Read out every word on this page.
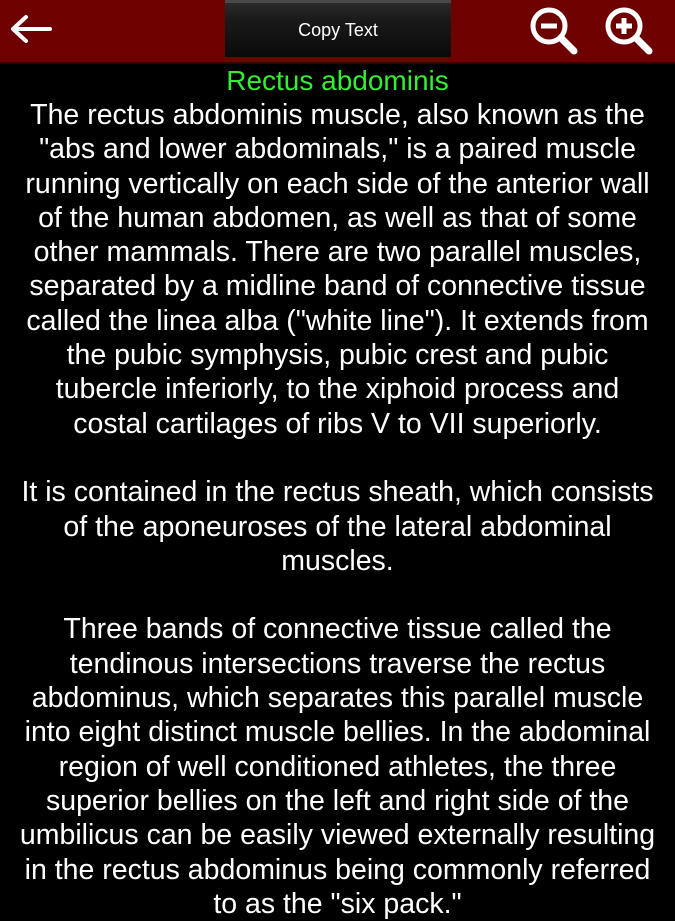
Copy Text

Rectus abdominis

The rectus abdominis muscle, also known as the
"abs and lower abdominals," is a paired muscle
running vertically on each side of the anterior wall
of the human abdomen, as well as that of some
other mammals. There are two parallel muscles,
separated by a midline band of connective tissue
called the linea alba ("white line"). It extends from
the pubic symphysis, pubic crest and pubic
tubercle inferiorly, to the xiphoid process and
costal cartilages of ribs V to VII superiorly.

It is contained in the rectus sheath, which consists
of the aponeuroses of the lateral abdominal
muscles.

Three bands of connective tissue called the
tendinous intersections traverse the rectus
abdominus, which separates this parallel muscle
into eight distinct muscle bellies. In the abdominal
region of well conditioned athletes, the three
superior bellies on the left and right side of the
umbilicus can be easily viewed externally resulting
in the rectus abdominus being commonly referred
to as the "six pack."
